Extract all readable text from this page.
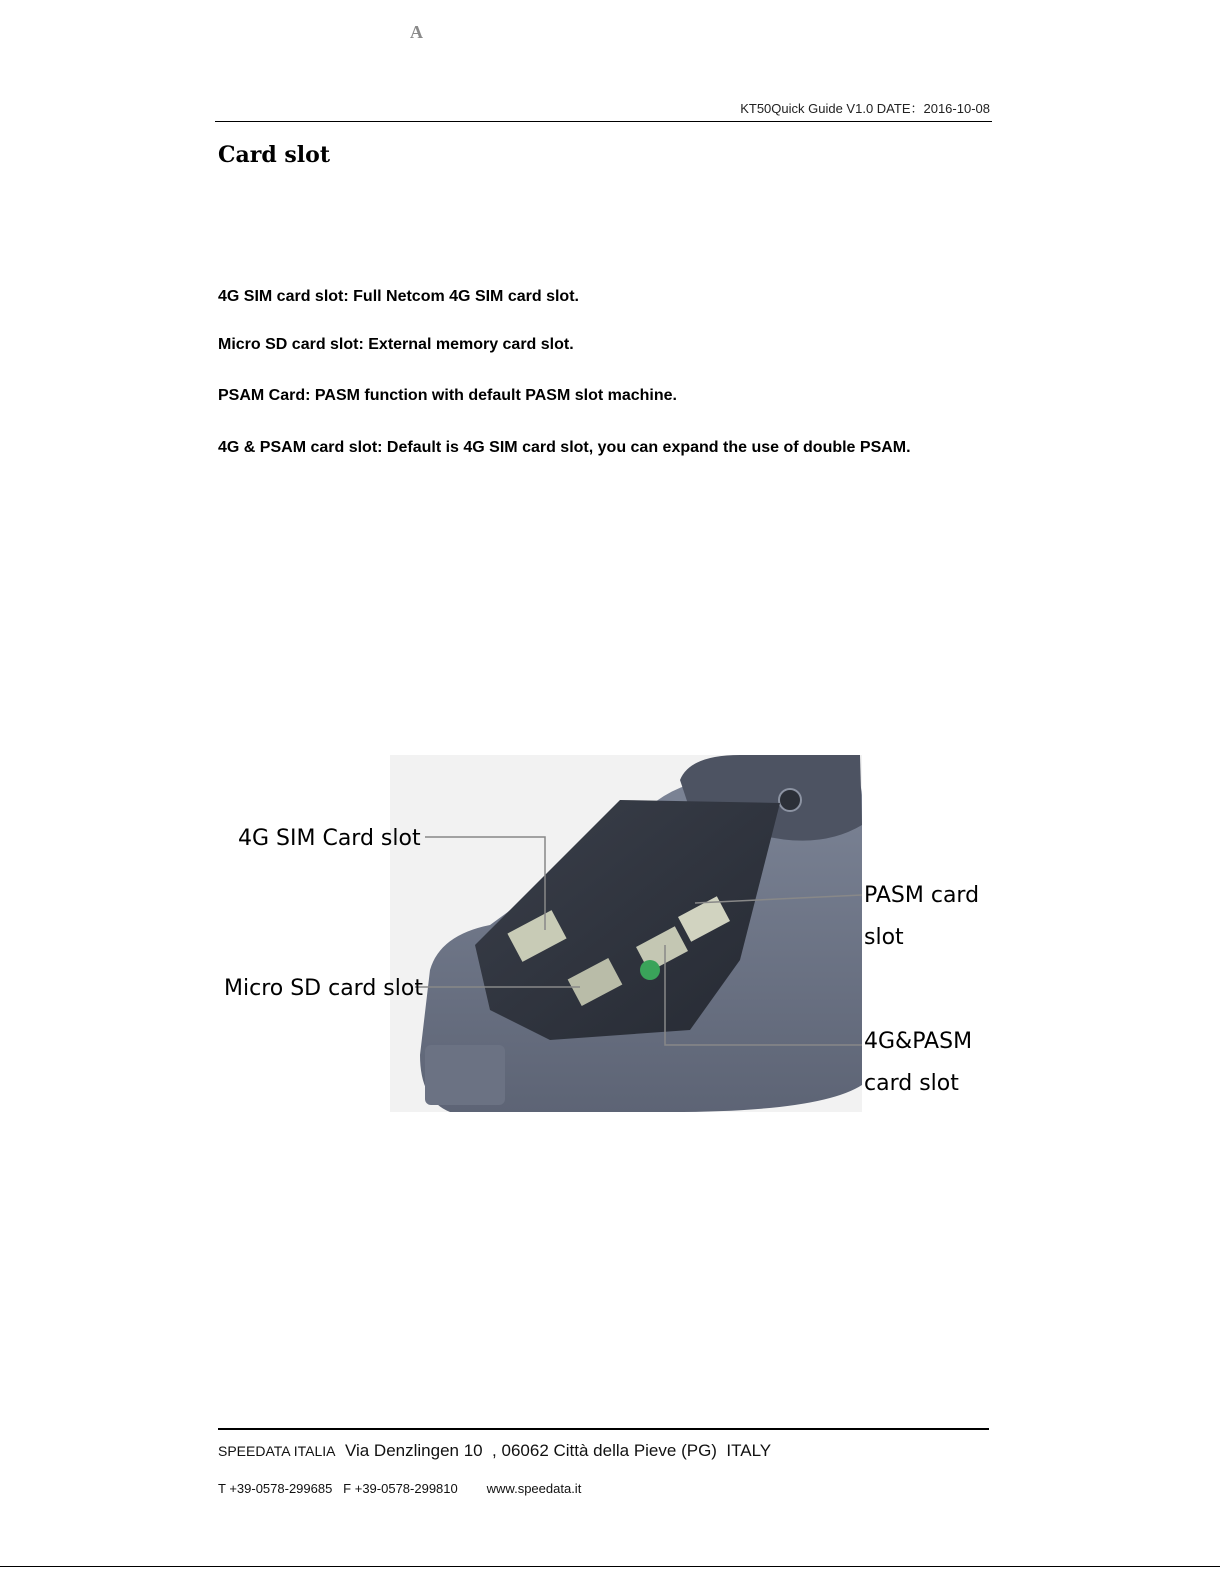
A
KT50Quick Guide V1.0 DATE：2016-10-08
Card slot
4G SIM card slot: Full Netcom 4G SIM card slot.
Micro SD card slot: External memory card slot.
PSAM Card: PASM function with default PASM slot machine.
4G & PSAM card slot: Default is 4G SIM card slot, you can expand the use of double PSAM.
4G SIM Card slot
Micro SD card slot
PASM card
slot
4G&PASM
card slot
SPEEDATA ITALIA Via Denzlingen 10  , 06062 Città della Pieve (PG)  ITALY
T +39-0578-299685 F +39-0578-299810 www.speedata.it
